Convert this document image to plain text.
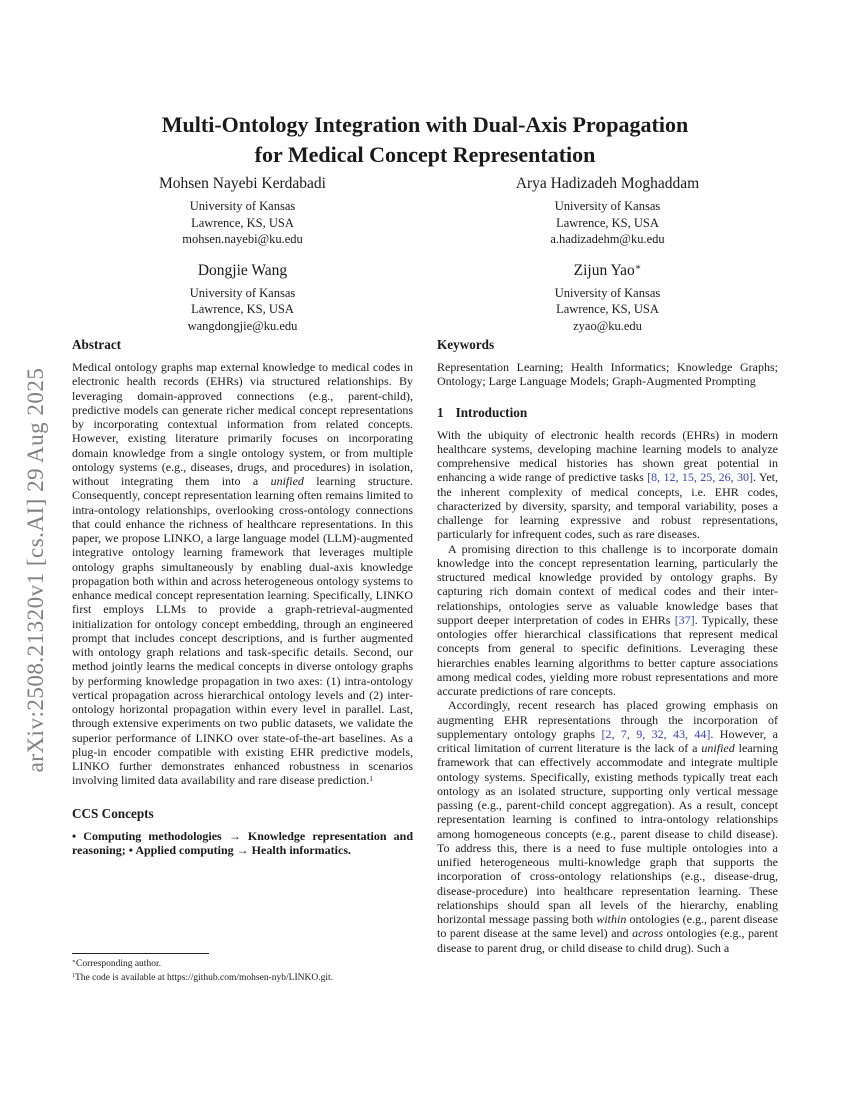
arXiv:2508.21320v1 [cs.AI] 29 Aug 2025
Multi-Ontology Integration with Dual-Axis Propagation
for Medical Concept Representation
Mohsen Nayebi Kerdabadi
University of Kansas
Lawrence, KS, USA
mohsen.nayebi@ku.edu
Arya Hadizadeh Moghaddam
University of Kansas
Lawrence, KS, USA
a.hadizadehm@ku.edu
Dongjie Wang
University of Kansas
Lawrence, KS, USA
wangdongjie@ku.edu
Zijun Yao∗
University of Kansas
Lawrence, KS, USA
zyao@ku.edu
Abstract
Medical ontology graphs map external knowledge to medical codes in electronic health records (EHRs) via structured relationships. By leveraging domain-approved connections (e.g., parent-child), predictive models can generate richer medical concept representations by incorporating contextual information from related concepts. However, existing literature primarily focuses on incorporating domain knowledge from a single ontology system, or from multiple ontology systems (e.g., diseases, drugs, and procedures) in isolation, without integrating them into a unified learning structure. Consequently, concept representation learning often remains limited to intra-ontology relationships, overlooking cross-ontology connections that could enhance the richness of healthcare representations. In this paper, we propose LINKO, a large language model (LLM)-augmented integrative ontology learning framework that leverages multiple ontology graphs simultaneously by enabling dual-axis knowledge propagation both within and across heterogeneous ontology systems to enhance medical concept representation learning. Specifically, LINKO first employs LLMs to provide a graph-retrieval-augmented initialization for ontology concept embedding, through an engineered prompt that includes concept descriptions, and is further augmented with ontology graph relations and task-specific details. Second, our method jointly learns the medical concepts in diverse ontology graphs by performing knowledge propagation in two axes: (1) intra-ontology vertical propagation across hierarchical ontology levels and (2) inter-ontology horizontal propagation within every level in parallel. Last, through extensive experiments on two public datasets, we validate the superior performance of LINKO over state-of-the-art baselines. As a plug-in encoder compatible with existing EHR predictive models, LINKO further demonstrates enhanced robustness in scenarios involving limited data availability and rare disease prediction.$^1$
CCS Concepts
• Computing methodologies → Knowledge representation and reasoning; • Applied computing → Health informatics.
Keywords
Representation Learning; Health Informatics; Knowledge Graphs; Ontology; Large Language Models; Graph-Augmented Prompting
1 Introduction
With the ubiquity of electronic health records (EHRs) in modern healthcare systems, developing machine learning models to analyze comprehensive medical histories has shown great potential in enhancing a wide range of predictive tasks [8, 12, 15, 25, 26, 30]. Yet, the inherent complexity of medical concepts, i.e. EHR codes, characterized by diversity, sparsity, and temporal variability, poses a challenge for learning expressive and robust representations, particularly for infrequent codes, such as rare diseases.
A promising direction to this challenge is to incorporate domain knowledge into the concept representation learning, particularly the structured medical knowledge provided by ontology graphs. By capturing rich domain context of medical codes and their inter-relationships, ontologies serve as valuable knowledge bases that support deeper interpretation of codes in EHRs [37]. Typically, these ontologies offer hierarchical classifications that represent medical concepts from general to specific definitions. Leveraging these hierarchies enables learning algorithms to better capture associations among medical codes, yielding more robust representations and more accurate predictions of rare concepts.
Accordingly, recent research has placed growing emphasis on augmenting EHR representations through the incorporation of supplementary ontology graphs [2, 7, 9, 32, 43, 44]. However, a critical limitation of current literature is the lack of a unified learning framework that can effectively accommodate and integrate multiple ontology systems. Specifically, existing methods typically treat each ontology as an isolated structure, supporting only vertical message passing (e.g., parent-child concept aggregation). As a result, concept representation learning is confined to intra-ontology relationships among homogeneous concepts (e.g., parent disease to child disease). To address this, there is a need to fuse multiple ontologies into a unified heterogeneous multi-knowledge graph that supports the incorporation of cross-ontology relationships (e.g., disease-drug, disease-procedure) into healthcare representation learning. These relationships should span all levels of the hierarchy, enabling horizontal message passing both within ontologies (e.g., parent disease to parent disease at the same level) and across ontologies (e.g., parent disease to parent drug, or child disease to child drug). Such a
∗Corresponding author.
$^1$The code is available at https://github.com/mohsen-nyb/LINKO.git.
